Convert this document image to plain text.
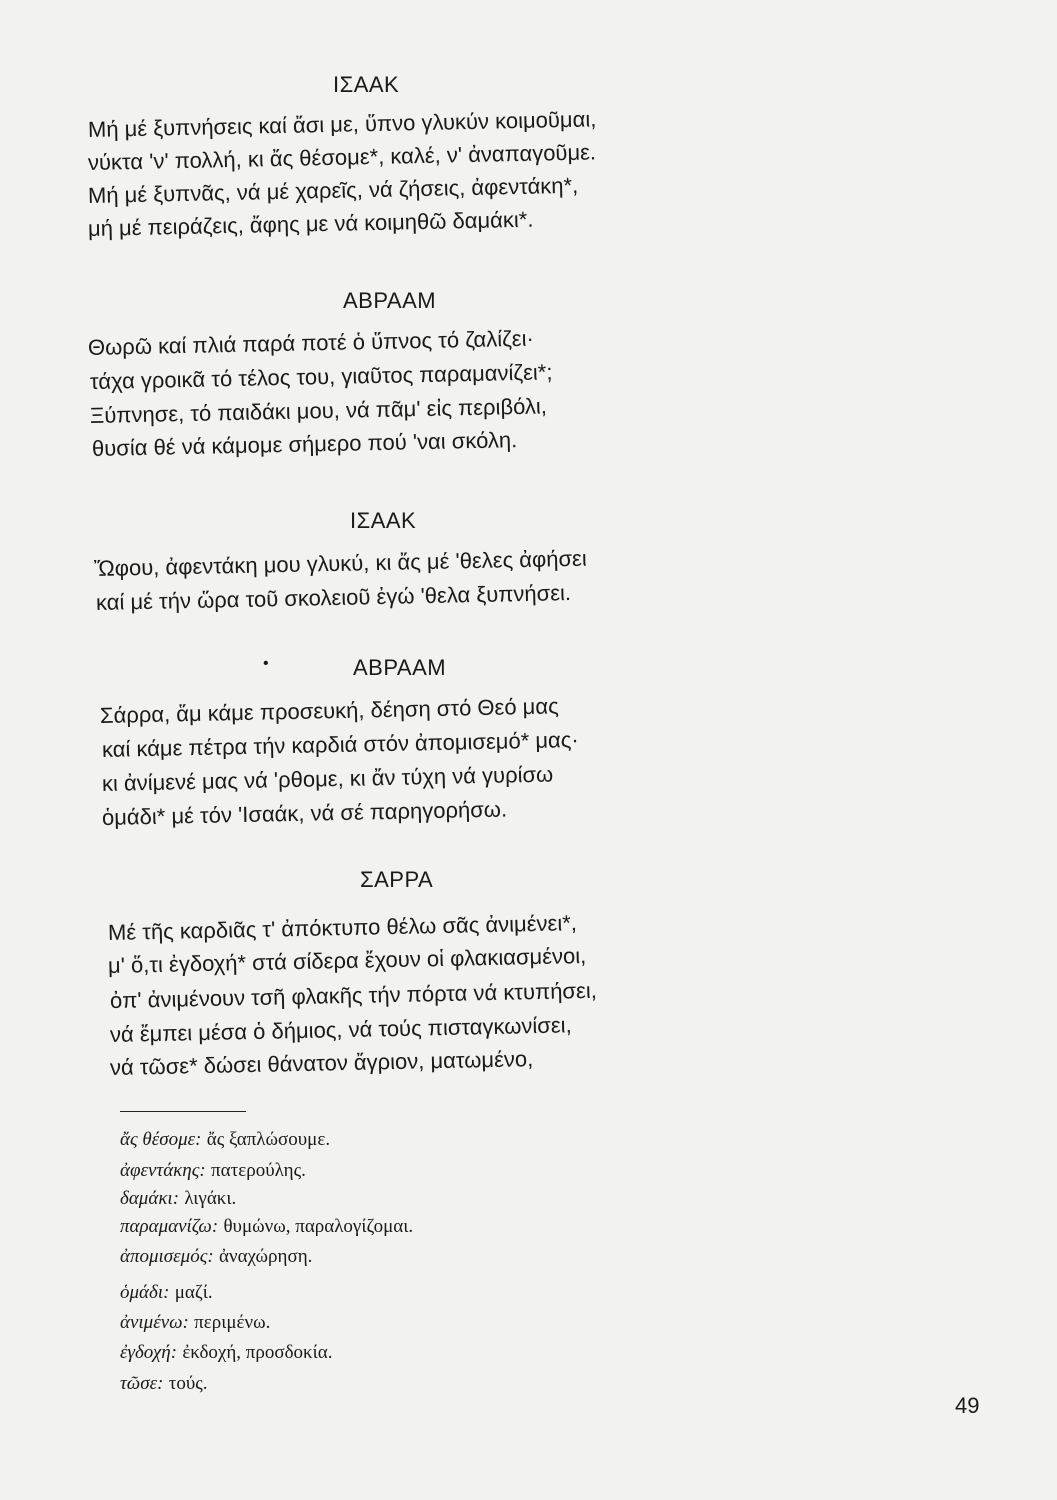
ΙΣΑΑΚ
Μή μέ ξυπνήσεις καί ἄσι με, ὕπνο γλυκύν κοιμοῦμαι,
νύκτα 'ν' πολλή, κι ἄς θέσομε*, καλέ, ν' ἀναπαγοῦμε.
Μή μέ ξυπνᾶς, νά μέ χαρεῖς, νά ζήσεις, ἀφεντάκη*,
μή μέ πειράζεις, ἄφης με νά κοιμηθῶ δαμάκι*.
ΑΒΡΑΑΜ
Θωρῶ καί πλιά παρά ποτέ ὁ ὕπνος τό ζαλίζει·
τάχα γροικᾶ τό τέλος του, γιαῦτος παραμανίζει*;
Ξύπνησε, τό παιδάκι μου, νά πᾶμ' εἰς περιβόλι,
θυσία θέ νά κάμομε σήμερο πού 'ναι σκόλη.
ΙΣΑΑΚ
Ὤφου, ἀφεντάκη μου γλυκύ, κι ἄς μέ 'θελες ἀφήσει
καί μέ τήν ὥρα τοῦ σκολειοῦ ἐγώ 'θελα ξυπνήσει.
•	ΑΒΡΑΑΜ
Σάρρα, ἅμ κάμε προσευκή, δέηση στό Θεό μας
καί κάμε πέτρα τήν καρδιά στόν ἀπομισεμό* μας·
κι ἀνίμενέ μας νά 'ρθομε, κι ἄν τύχη νά γυρίσω
ὁμάδι* μέ τόν 'Ισαάκ, νά σέ παρηγορήσω.
ΣΑΡΡΑ
Μέ τῆς καρδιᾶς τ' ἀπόκτυπο θέλω σᾶς ἀνιμένει*,
μ' ὅ,τι ἐγδοχή* στά σίδερα ἔχουν οἱ φλακιασμένοι,
ὀπ' ἀνιμένουν τσῆ φλακῆς τήν πόρτα νά κτυπήσει,
νά ἔμπει μέσα ὁ δήμιος, νά τούς πισταγκωνίσει,
νά τῶσε* δώσει θάνατον ἄγριον, ματωμένο,
ἄς θέσομε: ἄς ξαπλώσουμε.
ἀφεντάκης: πατερούλης.
δαμάκι: λιγάκι.
παραμανίζω: θυμώνω, παραλογίζομαι.
ἀπομισεμός: ἀναχώρηση.
ὁμάδι: μαζί.
ἀνιμένω: περιμένω.
ἐγδοχή: ἐκδοχή, προσδοκία.
τῶσε: τούς.
49
